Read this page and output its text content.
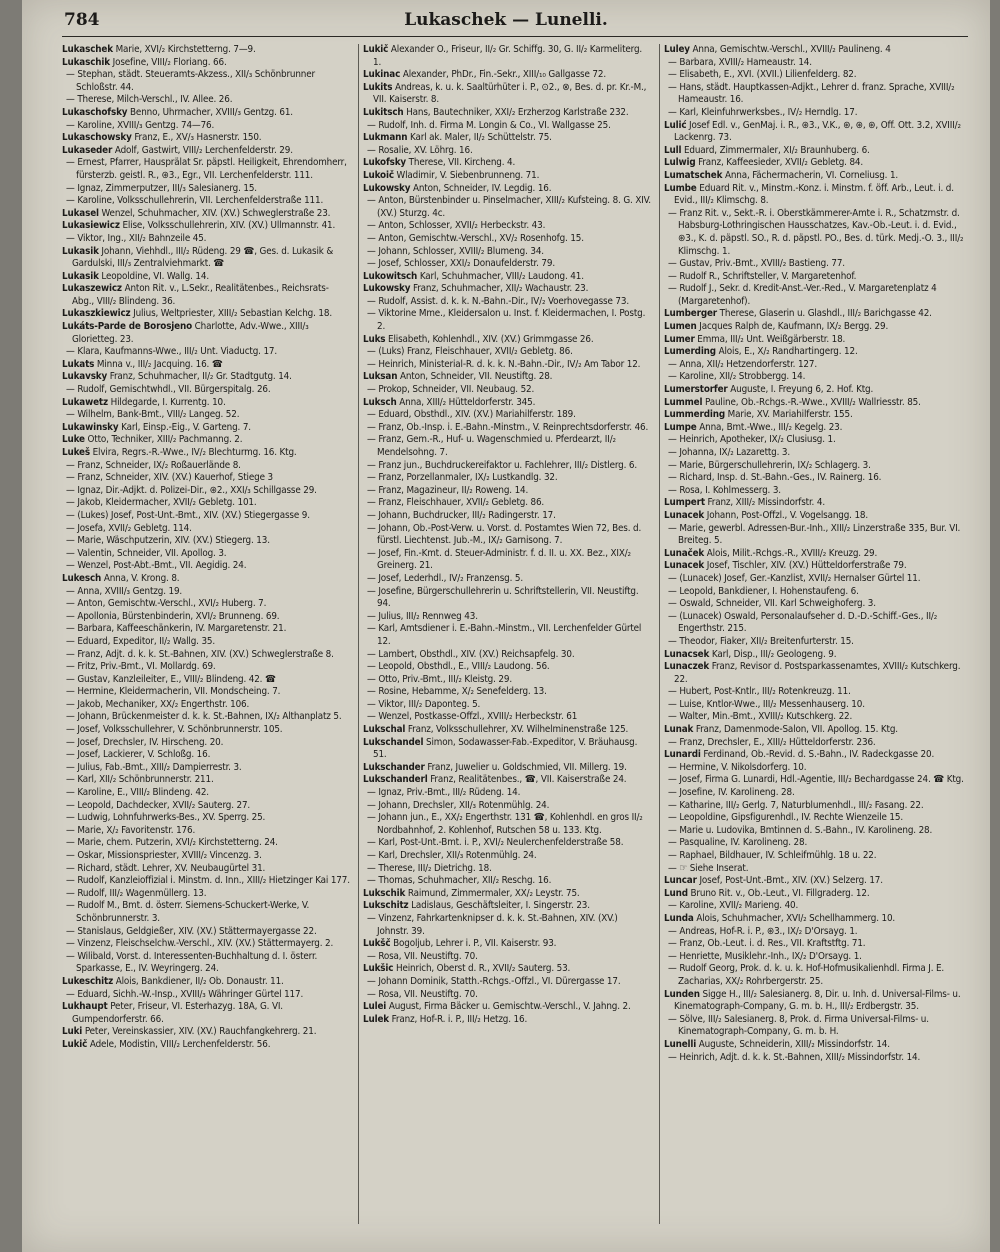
784	Lukaschek — Lunelli.

Lukaschek Marie, XVI/₂ Kirchstetterng. 7—9.

Lukaschik Josefine, VIII/₂ Floriang. 66.

— Stephan, städt. Steueramts-Akzess., XII/₃ Schönbrunner Schloßstr. 44.

— Therese, Milch-Verschl., IV. Allee. 26.

Lukaschofsky Benno, Uhrmacher, XVIII/₃ Gentzg. 61.

— Karoline, XVIII/₃ Gentzg. 74—76.

Lukaschowsky Franz, E., XV/₃ Hasnerstr. 150.

Lukaseder Adolf, Gastwirt, VIII/₂ Lerchenfelderstr. 29.

— Ernest, Pfarrer, Hausprälat Sr. päpstl. Heiligkeit, Ehrendomherr, fürsterzb. geistl. R., ⊛3., Egr., VII. Lerchenfelderstr. 111.

— Ignaz, Zimmerputzer, III/₃ Salesianerg. 15.

— Karoline, Volksschullehrerin, VII. Lerchenfelderstraße 111.

Lukasel Wenzel, Schuhmacher, XIV. (XV.) Schweglerstraße 23.

Lukasiewicz Elise, Volksschullehrerin, XIV. (XV.) Ullmannstr. 41.

— Viktor, Ing., XII/₂ Bahnzeile 45.

Lukasik Johann, Viehhdl., III/₂ Rüdeng. 29 ☎, Ges. d. Lukasik & Gardulski, III/₃ Zentralviehmarkt. ☎

Lukasik Leopoldine, VI. Wallg. 14.

Lukaszewicz Anton Rit. v., L.Sekr., Realitätenbes., Reichsrats-Abg., VIII/₂ Blindeng. 36.

Lukaszkiewicz Julius, Weltpriester, XIII/₂ Sebastian Kelchg. 18.

Lukáts-Parde de Borosjeno Charlotte, Adv.-Wwe., XIII/₃ Glorietteg. 23.

— Klara, Kaufmanns-Wwe., III/₂ Unt. Viaductg. 17.

Lukats Minna v., III/₂ Jacquing. 16. ☎

Lukavsky Franz, Schuhmacher, II/₂ Gr. Stadtgutg. 14.

— Rudolf, Gemischtwhdl., VII. Bürgerspitalg. 26.

Lukawetz Hildegarde, I. Kurrentg. 10.

— Wilhelm, Bank-Bmt., VIII/₂ Langeg. 52.

Lukawinsky Karl, Einsp.-Eig., V. Garteng. 7.

Luke Otto, Techniker, XIII/₂ Pachmanng. 2.

Lukeš Elvira, Regrs.-R.-Wwe., IV/₂ Blechturmg. 16. Ktg.

— Franz, Schneider, IX/₂ Roßauerlände 8.

— Franz, Schneider, XIV. (XV.) Kauerhof, Stiege 3

— Ignaz, Dir.-Adjkt. d. Polizei-Dir., ⊛2., XXI/₃ Schillgasse 29.

— Jakob, Kleidermacher, XVII/₂ Gebletg. 101.

— (Lukes) Josef, Post-Unt.-Bmt., XIV. (XV.) Stiegergasse 9.

— Josefa, XVII/₂ Gebletg. 114.

— Marie, Wäschputzerin, XIV. (XV.) Stiegerg. 13.

— Valentin, Schneider, VII. Apollog. 3.

— Wenzel, Post-Abt.-Bmt., VII. Aegidig. 24.

Lukesch Anna, V. Krong. 8.

— Anna, XVIII/₃ Gentzg. 19.

— Anton, Gemischtw.-Verschl., XVI/₂ Huberg. 7.

— Apollonia, Bürstenbinderin, XVI/₂ Brunneng. 69.

— Barbara, Kaffeeschänkerin, IV. Margaretenstr. 21.

— Eduard, Expeditor, II/₂ Wallg. 35.

— Franz, Adjt. d. k. k. St.-Bahnen, XIV. (XV.) Schweglerstraße 8.

— Fritz, Priv.-Bmt., VI. Mollardg. 69.

— Gustav, Kanzleileiter, E., VIII/₂ Blindeng. 42. ☎

— Hermine, Kleidermacherin, VII. Mondscheing. 7.

— Jakob, Mechaniker, XX/₂ Engerthstr. 106.

— Johann, Brückenmeister d. k. k. St.-Bahnen, IX/₂ Althanplatz 5.

— Josef, Volksschullehrer, V. Schönbrunnerstr. 105.

— Josef, Drechsler, IV. Hirscheng. 20.

— Josef, Lackierer, V. Schloßg. 16.

— Julius, Fab.-Bmt., XIII/₂ Dampierrestr. 3.

— Karl, XII/₂ Schönbrunnerstr. 211.

— Karoline, E., VIII/₂ Blindeng. 42.

— Leopold, Dachdecker, XVII/₂ Sauterg. 27.

— Ludwig, Lohnfuhrwerks-Bes., XV. Sperrg. 25.

— Marie, X/₂ Favoritenstr. 176.

— Marie, chem. Putzerin, XVI/₂ Kirchstetterng. 24.

— Oskar, Missionspriester, XVIII/₂ Vincenzg. 3.

— Richard, städt. Lehrer, XV. Neubaugürtel 31.

— Rudolf, Kanzleioffizial i. Minstm. d. Inn., XIII/₂ Hietzinger Kai 177.

— Rudolf, III/₂ Wagenmüllerg. 13.

— Rudolf M., Bmt. d. österr. Siemens-Schuckert-Werke, V. Schönbrunnerstr. 3.

— Stanislaus, Geldgießer, XIV. (XV.) Stättermayergasse 22.

— Vinzenz, Fleischselchw.-Verschl., XIV. (XV.) Stättermayerg. 2.

— Wilibald, Vorst. d. Interessenten-Buchhaltung d. I. österr. Sparkasse, E., IV. Weyringerg. 24.

Lukeschitz Alois, Bankdiener, II/₂ Ob. Donaustr. 11.

— Eduard, Sichh.-W.-Insp., XVIII/₃ Währinger Gürtel 117.

Lukhaupt Peter, Friseur, VI. Esterhazyg. 18A, G. VI. Gumpendorferstr. 66.

Luki Peter, Vereinskassier, XIV. (XV.) Rauchfangkehrerg. 21.

Lukič Adele, Modistin, VIII/₂ Lerchenfelderstr. 56.

Lukič Alexander O., Friseur, II/₂ Gr. Schiffg. 30, G. II/₂ Karmeliterg. 1.

Lukinac Alexander, PhDr., Fin.-Sekr., XIII/₁₀ Gallgasse 72.

Lukits Andreas, k. u. k. Saaltürhüter i. P., ⊙2., ⊗, Bes. d. pr. Kr.-M., VII. Kaiserstr. 8.

Lukitsch Hans, Bautechniker, XXI/₂ Erzherzog Karlstraße 232.

— Rudolf, Inh. d. Firma M. Longin & Co., VI. Wallgasse 25.

Lukmann Karl ak. Maler, II/₂ Schüttelstr. 75.

— Rosalie, XV. Löhrg. 16.

Lukofsky Therese, VII. Kircheng. 4.

Lukoič Wladimir, V. Siebenbrunneng. 71.

Lukowsky Anton, Schneider, IV. Legdig. 16.

— Anton, Bürstenbinder u. Pinselmacher, XIII/₂ Kufsteing. 8. G. XIV. (XV.) Sturzg. 4c.

— Anton, Schlosser, XVII/₂ Herbeckstr. 43.

— Anton, Gemischtw.-Verschl., XV/₂ Rosenhofg. 15.

— Johann, Schlosser, XVIII/₂ Blumeng. 34.

— Josef, Schlosser, XXI/₂ Donaufelderstr. 79.

Lukowitsch Karl, Schuhmacher, VIII/₂ Laudong. 41.

Lukowsky Franz, Schuhmacher, XII/₂ Wachaustr. 23.

— Rudolf, Assist. d. k. k. N.-Bahn.-Dir., IV/₂ Voerhovegasse 73.

— Viktorine Mme., Kleidersalon u. Inst. f. Kleidermachen, I. Postg. 2.

Luks Elisabeth, Kohlenhdl., XIV. (XV.) Grimmgasse 26.

— (Luks) Franz, Fleischhauer, XVII/₂ Gebletg. 86.

— Heinrich, Ministerial-R. d. k. k. N.-Bahn.-Dir., IV/₂ Am Tabor 12.

Luksan Anton, Schneider, VII. Neustiftg. 28.

— Prokop, Schneider, VII. Neubaug. 52.

Luksch Anna, XIII/₂ Hütteldorferstr. 345.

— Eduard, Obsthdl., XIV. (XV.) Mariahilferstr. 189.

— Franz, Ob.-Insp. i. E.-Bahn.-Minstm., V. Reinprechtsdorferstr. 46.

— Franz, Gem.-R., Huf- u. Wagenschmied u. Pferdearzt, II/₂ Mendelsohng. 7.

— Franz jun., Buchdruckereifaktor u. Fachlehrer, III/₂ Distlerg. 6.

— Franz, Porzellanmaler, IX/₂ Lustkandlg. 32.

— Franz, Magazineur, II/₂ Roweng. 14.

— Franz, Fleischhauer, XVII/₂ Gebletg. 86.

— Johann, Buchdrucker, III/₂ Radingerstr. 17.

— Johann, Ob.-Post-Verw. u. Vorst. d. Postamtes Wien 72, Bes. d. fürstl. Liechtenst. Jub.-M., IX/₂ Garnisong. 7.

— Josef, Fin.-Kmt. d. Steuer-Administr. f. d. II. u. XX. Bez., XIX/₂ Greinerg. 21.

— Josef, Lederhdl., IV/₂ Franzensg. 5.

— Josefine, Bürgerschullehrerin u. Schriftstellerin, VII. Neustiftg. 94.

— Julius, III/₂ Rennweg 43.

— Karl, Amtsdiener i. E.-Bahn.-Minstm., VII. Lerchenfelder Gürtel 12.

— Lambert, Obsthdl., XIV. (XV.) Reichsapfelg. 30.

— Leopold, Obsthdl., E., VIII/₂ Laudong. 56.

— Otto, Priv.-Bmt., III/₂ Kleistg. 29.

— Rosine, Hebamme, X/₂ Senefelderg. 13.

— Viktor, III/₂ Daponteg. 5.

— Wenzel, Postkasse-Offzl., XVIII/₂ Herbeckstr. 61

Lukschal Franz, Volksschullehrer, XV. Wilhelminenstraße 125.

Lukschandel Simon, Sodawasser-Fab.-Expeditor, V. Bräuhausg. 51.

Lukschander Franz, Juwelier u. Goldschmied, VII. Millerg. 19.

Lukschanderl Franz, Realitätenbes., ☎, VII. Kaiserstraße 24.

— Ignaz, Priv.-Bmt., III/₂ Rüdeng. 14.

— Johann, Drechsler, XII/₃ Rotenmühlg. 24.

— Johann jun., E., XX/₂ Engerthstr. 131 ☎, Kohlenhdl. en gros II/₂ Nordbahnhof, 2. Kohlenhof, Rutschen 58 u. 133. Ktg.

— Karl, Post-Unt.-Bmt. i. P., XVI/₂ Neulerchenfelderstraße 58.

— Karl, Drechsler, XII/₃ Rotenmühlg. 24.

— Therese, III/₂ Dietrichg. 18.

— Thomas, Schuhmacher, XII/₂ Reschg. 16.

Lukschik Raimund, Zimmermaler, XX/₂ Leystr. 75.

Lukschitz Ladislaus, Geschäftsleiter, I. Singerstr. 23.

— Vinzenz, Fahrkartenknipser d. k. k. St.-Bahnen, XIV. (XV.) Johnstr. 39.

Lukšč Bogoljub, Lehrer i. P., VII. Kaiserstr. 93.

— Rosa, VII. Neustiftg. 70.

Lukšic Heinrich, Oberst d. R., XVII/₂ Sauterg. 53.

— Johann Dominik, Statth.-Rchgs.-Offzl., VI. Dürergasse 17.

— Rosa, VII. Neustiftg. 70.

Lulei August, Firma Bäcker u. Gemischtw.-Verschl., V. Jahng. 2.

Lulek Franz, Hof-R. i. P., III/₂ Hetzg. 16.

Luley Anna, Gemischtw.-Verschl., XVIII/₂ Paulineng. 4

— Barbara, XVIII/₂ Hameaustr. 14.

— Elisabeth, E., XVI. (XVII.) Lilienfelderg. 82.

— Hans, städt. Hauptkassen-Adjkt., Lehrer d. franz. Sprache, XVIII/₂ Hameaustr. 16.

— Karl, Kleinfuhrwerksbes., IV/₂ Herndlg. 17.

Lulić Josef Edl. v., GenMaj. i. R., ⊛3., V.K., ⊛, ⊛, ⊛, Off. Ott. 3.2, XVIII/₂ Lackenrg. 73.

Lull Eduard, Zimmermaler, XI/₂ Braunhuberg. 6.

Lulwig Franz, Kaffeesieder, XVII/₂ Gebletg. 84.

Lumatschek Anna, Fächermacherin, VI. Corneliusg. 1.

Lumbe Eduard Rit. v., Minstm.-Konz. i. Minstm. f. öff. Arb., Leut. i. d. Evid., III/₂ Klimschg. 8.

— Franz Rit. v., Sekt.-R. i. Oberstkämmerer-Amte i. R., Schatzmstr. d. Habsburg-Lothringischen Hausschatzes, Kav.-Ob.-Leut. i. d. Evid., ⊛3., K. d. päpstl. SO., R. d. päpstl. PO., Bes. d. türk. Medj.-O. 3., III/₂ Klimschg. 1.

— Gustav, Priv.-Bmt., XVIII/₂ Bastieng. 77.

— Rudolf R., Schriftsteller, V. Margaretenhof.

— Rudolf J., Sekr. d. Kredit-Anst.-Ver.-Red., V. Margaretenplatz 4 (Margaretenhof).

Lumberger Therese, Glaserin u. Glashdl., III/₂ Barichgasse 42.

Lumen Jacques Ralph de, Kaufmann, IX/₂ Bergg. 29.

Lumer Emma, III/₂ Unt. Weißgärberstr. 18.

Lumerding Alois, E., X/₂ Randhartingerg. 12.

— Anna, XII/₂ Hetzendorferstr. 127.

— Karoline, XII/₂ Strobbergg. 14.

Lumerstorfer Auguste, I. Freyung 6, 2. Hof. Ktg.

Lummel Pauline, Ob.-Rchgs.-R.-Wwe., XVIII/₂ Wallriesstr. 85.

Lummerding Marie, XV. Mariahilferstr. 155.

Lumpe Anna, Bmt.-Wwe., III/₂ Kegelg. 23.

— Heinrich, Apotheker, IX/₂ Clusiusg. 1.

— Johanna, IX/₂ Lazarettg. 3.

— Marie, Bürgerschullehrerin, IX/₂ Schlagerg. 3.

— Richard, Insp. d. St.-Bahn.-Ges., IV. Rainerg. 16.

— Rosa, I. Kohlmesserg. 3.

Lumpert Franz, XIII/₂ Missindorfstr. 4.

Lunacek Johann, Post-Offzl., V. Vogelsangg. 18.

— Marie, gewerbl. Adressen-Bur.-Inh., XIII/₂ Linzerstraße 335, Bur. VI. Breiteg. 5.

Lunaček Alois, Milit.-Rchgs.-R., XVIII/₂ Kreuzg. 29.

Lunacek Josef, Tischler, XIV. (XV.) Hütteldorferstraße 79.

— (Lunacek) Josef, Ger.-Kanzlist, XVII/₂ Hernalser Gürtel 11.

— Leopold, Bankdiener, I. Hohenstaufeng. 6.

— Oswald, Schneider, VII. Karl Schweighoferg. 3.

— (Lunacek) Oswald, Personalaufseher d. D.-D.-Schiff.-Ges., II/₂ Engerthstr. 215.

— Theodor, Fiaker, XII/₂ Breitenfurterstr. 15.

Lunacsek Karl, Disp., III/₂ Geologeng. 9.

Lunaczek Franz, Revisor d. Postsparkassenamtes, XVIII/₂ Kutschkerg. 22.

— Hubert, Post-Kntlr., III/₂ Rotenkreuzg. 11.

— Luise, Kntlor-Wwe., III/₂ Messenhauserg. 10.

— Walter, Min.-Bmt., XVIII/₂ Kutschkerg. 22.

Lunak Franz, Damenmode-Salon, VII. Apollog. 15. Ktg.

— Franz, Drechsler, E., XIII/₂ Hütteldorferstr. 236.

Lunardi Ferdinand, Ob.-Revid. d. S.-Bahn., IV. Radeckgasse 20.

— Hermine, V. Nikolsdorferg. 10.

— Josef, Firma G. Lunardi, Hdl.-Agentie, III/₂ Bechardgasse 24. ☎ Ktg.

— Josefine, IV. Karolineng. 28.

— Katharine, III/₂ Gerlg. 7, Naturblumenhdl., III/₂ Fasang. 22.

— Leopoldine, Gipsfigurenhdl., IV. Rechte Wienzeile 15.

— Marie u. Ludovika, Bmtinnen d. S.-Bahn., IV. Karolineng. 28.

— Pasqualine, IV. Karolineng. 28.

— Raphael, Bildhauer, IV. Schleifmühlg. 18 u. 22.

— ☞ Siehe Inserat.

Luncar Josef, Post-Unt.-Bmt., XIV. (XV.) Selzerg. 17.

Lund Bruno Rit. v., Ob.-Leut., VI. Fillgraderg. 12.

— Karoline, XVII/₂ Marieng. 40.

Lunda Alois, Schuhmacher, XVI/₂ Schellhammerg. 10.

— Andreas, Hof-R. i. P., ⊛3., IX/₂ D'Orsayg. 1.

— Franz, Ob.-Leut. i. d. Res., VII. Kraftstftg. 71.

— Henriette, Musiklehr.-Inh., IX/₂ D'Orsayg. 1.

— Rudolf Georg, Prok. d. k. u. k. Hof-Hofmusikalienhdl. Firma J. E. Zacharias, XX/₂ Rohrbergerstr. 25.

Lunden Sigge H., III/₂ Salesianerg. 8, Dir. u. Inh. d. Universal-Films- u. Kinematograph-Company, G. m. b. H., III/₂ Erdbergstr. 35.

— Sölve, III/₂ Salesianerg. 8, Prok. d. Firma Universal-Films- u. Kinematograph-Company, G. m. b. H.

Lunelli Auguste, Schneiderin, XIII/₂ Missindorfstr. 14.

— Heinrich, Adjt. d. k. k. St.-Bahnen, XIII/₂ Missindorfstr. 14.
